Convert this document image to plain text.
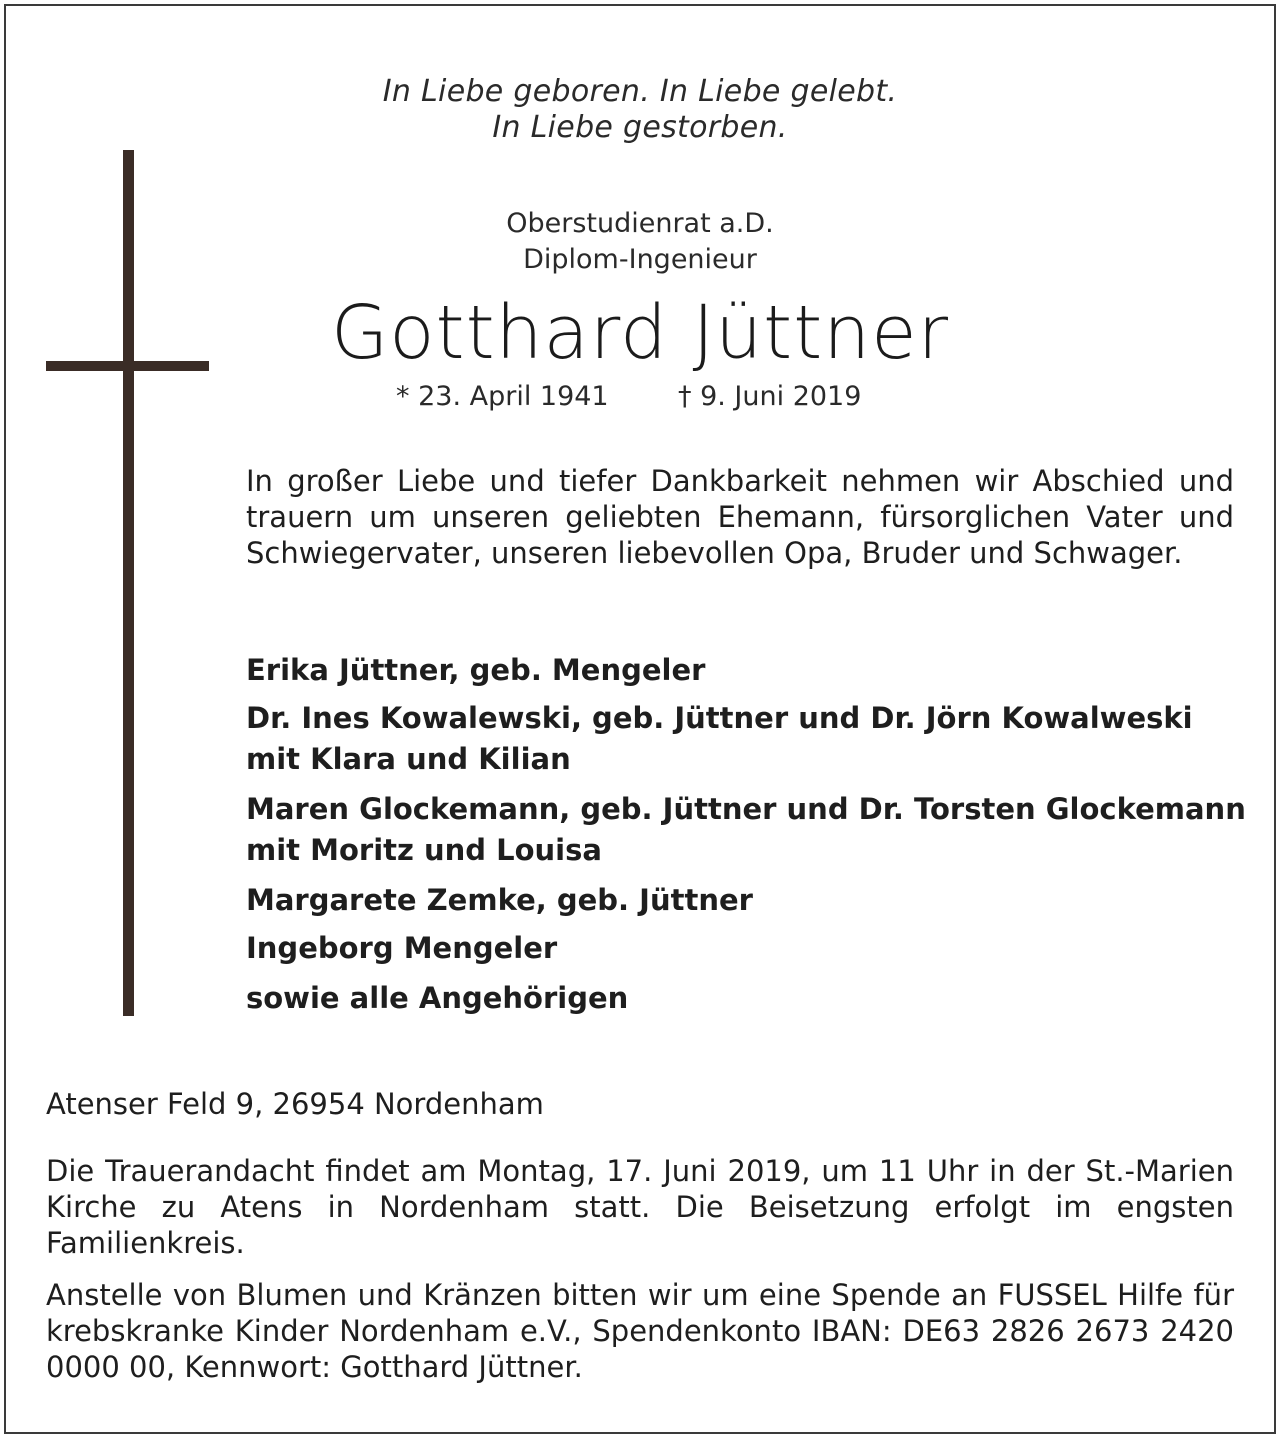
In Liebe geboren. In Liebe gelebt.
In Liebe gestorben.
Oberstudienrat a.D.
Diplom-Ingenieur
Gotthard Jüttner
* 23. April 1941	† 9. Juni 2019
In großer Liebe und tiefer Dankbarkeit nehmen wir Abschied und trauern um unseren geliebten Ehemann, fürsorglichen Vater und Schwiegervater, unseren liebevollen Opa, Bruder und Schwager.
Erika Jüttner, geb. Mengeler
Dr. Ines Kowalewski, geb. Jüttner und Dr. Jörn Kowalweski
mit Klara und Kilian
Maren Glockemann, geb. Jüttner und Dr. Torsten Glockemann
mit Moritz und Louisa
Margarete Zemke, geb. Jüttner
Ingeborg Mengeler
sowie alle Angehörigen
Atenser Feld 9, 26954 Nordenham
Die Trauerandacht findet am Montag, 17. Juni 2019, um 11 Uhr in der St.-Marien Kirche zu Atens in Nordenham statt. Die Beisetzung erfolgt im engsten Familienkreis.
Anstelle von Blumen und Kränzen bitten wir um eine Spende an FUSSEL Hilfe für krebskranke Kinder Nordenham e.V., Spendenkonto IBAN: DE63 2826 2673 2420 0000 00, Kennwort: Gotthard Jüttner.
